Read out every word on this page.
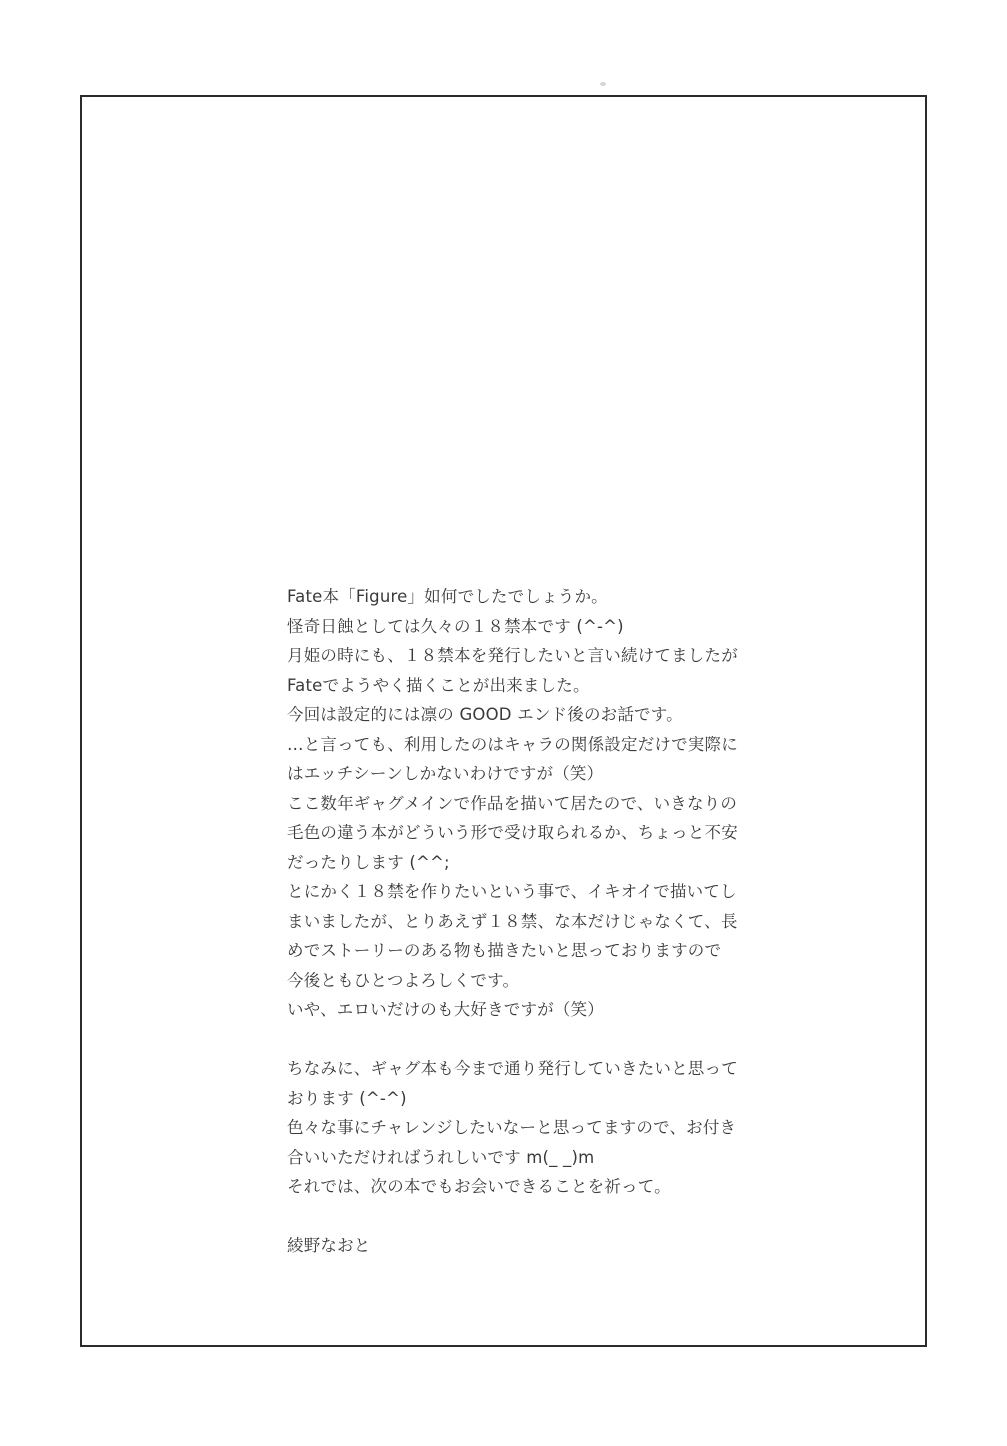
Fate本「Figure」如何でしたでしょうか。
怪奇日蝕としては久々の１８禁本です (^-^)
月姫の時にも、１８禁本を発行したいと言い続けてましたが
Fateでようやく描くことが出来ました。
今回は設定的には凛の GOOD エンド後のお話です。
…と言っても、利用したのはキャラの関係設定だけで実際に
はエッチシーンしかないわけですが（笑）
ここ数年ギャグメインで作品を描いて居たので、いきなりの
毛色の違う本がどういう形で受け取られるか、ちょっと不安
だったりします (^^;
とにかく１８禁を作りたいという事で、イキオイで描いてし
まいましたが、とりあえず１８禁、な本だけじゃなくて、長
めでストーリーのある物も描きたいと思っておりますので
今後ともひとつよろしくです。
いや、エロいだけのも大好きですが（笑）
ちなみに、ギャグ本も今まで通り発行していきたいと思って
おります (^-^)
色々な事にチャレンジしたいなーと思ってますので、お付き
合いいただければうれしいです m(_ _)m
それでは、次の本でもお会いできることを祈って。
綾野なおと
